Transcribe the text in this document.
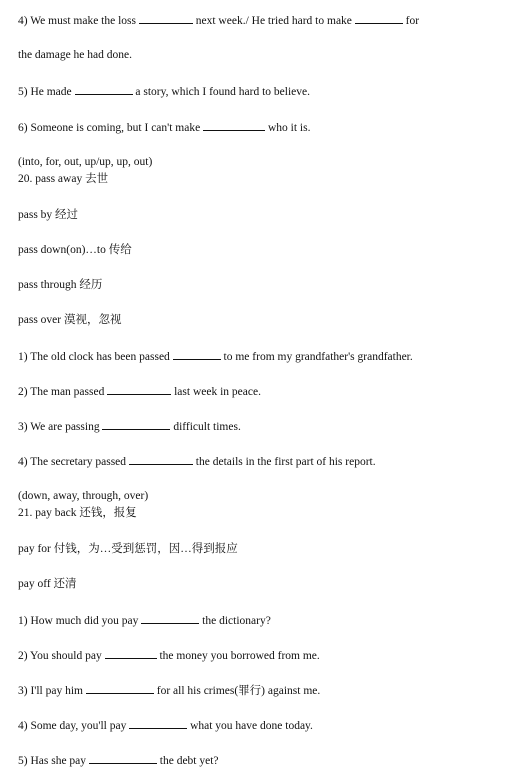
4) We must make the loss	next week./ He tried hard to make	for
the damage he had done.
5) He made	a story, which I found hard to believe.
6) Someone is coming, but I can't make	who it is.
(into, for, out, up/up, up, out)
20. pass away 去世
pass by 经过
pass down(on)…to 传给
pass through 经历
pass over 漠视，忽视
1) The old clock has been passed	to me from my grandfather's grandfather.
2) The man passed	last week in peace.
3) We are passing	difficult times.
4) The secretary passed	the details in the first part of his report.
(down, away, through, over)
21. pay back 还钱，报复
pay for 付钱，为…受到惩罚，因…得到报应
pay off 还清
1) How much did you pay	the dictionary?
2) You should pay	the money you borrowed from me.
3) I'll pay him	for all his crimes(罪行) against me.
4) Some day, you'll pay	what you have done today.
5) Has she pay	the debt yet?
